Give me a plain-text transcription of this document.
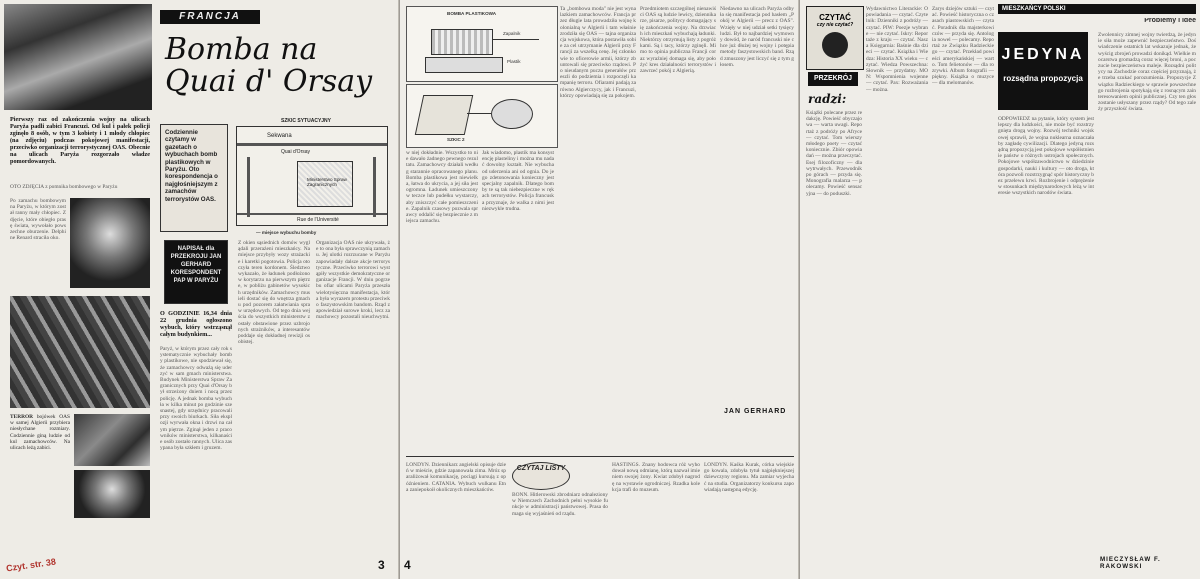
FRANCJA
Bomba na Quai d' Orsay
Pierwszy raz od zakończenia wojny na ulicach Paryża padli zabici Francuzi. Od kul i pałek policji zginęło 8 osób, w tym 3 kobiety i 1 młody chłopiec (na zdjęciu) podczas pokojowej manifestacji, przeciwko organizacji terrorystycznej OAS. Obecnie na ulicach Paryża rozgorzało władze pomordowanych.
OTO ZDJĘCIA z pomnika bombowego w Paryżu
Po zamachu bombowym na Paryżu, w którym został ranny mały chłopiec. Zdjęcie, które obiegło prasę świata, wywołało powszechne oburzenie. Delphine Renard straciła oko.
TERROR bojówek OAS w samej Algierii przybiera niesłychane rozmiary. Codziennie giną ludzie od kul zamachowców. Na ulicach leżą zabici.
Codziennie czytamy w gazetach o wybuchach bomb plastikowych w Paryżu. Oto korespondencja o najgłośniejszym z zamachów terrorystów OAS.
SZKIC SYTUACYJNY
Sekwana
Quai d'Orsay
Ministerstwo Spraw Zagranicznych
Rue de l'Université
— miejsce wybuchu bomby
NAPISAŁ dla PRZEKROJU JAN GERHARD KORESPONDENT PAP W PARYŻU
O GODZINIE 16,34 dnia 22 grudnia ogłoszono wybuch, który wstrząsnął całym budynkiem...
Paryż, w którym przez cały rok systematycznie wybuchały bomby plastikowe, nie spodziewał się, że zamachowcy odważą się uderzyć w sam gmach ministerstwa. Budynek Ministerstwa Spraw Zagranicznych przy Quai d'Orsay był strzeżony dniem i nocą przez policję. A jednak bomba wybuchła w kilka minut po godzinie szesnastej, gdy urzędnicy pracowali przy swoich biurkach. Siła eksplozji wyrwała okna i drzwi na całym piętrze. Zginął jeden z pracowników ministerstwa, kilkanaście osób zostało rannych. Ulica zasypana była szkłem i gruzem.
Z okien sąsiednich domów wyglądali przerażeni mieszkańcy. Na miejsce przybyły wozy strażackie i karetki pogotowia. Policja otoczyła teren kordonem. Śledztwo wykazało, że ładunek podłożono w korytarzu na pierwszym piętrze, w pobliżu gabinetów wysokich urzędników. Zamachowcy musieli dostać się do wnętrza gmachu pod pozorem załatwiania spraw urzędowych. Od tego dnia wejścia do wszystkich ministerstw zostały obstawione przez uzbrojonych strażników, a interesantów poddaje się dokładnej rewizji osobistej.
Organizacja OAS nie ukrywała, że to ona była sprawczynią zamachu. Jej ulotki rozrzucane w Paryżu zapowiadały dalsze akcje terrorystyczne. Przeciwko terrorowi wystąpiły wszystkie demokratyczne organizacje Francji. W dniu pogrzebu ofiar ulicami Paryża przeszła wielotysięczna manifestacja, która była wyrazem protestu przeciwko faszystowskim bandom. Rząd zapowiedział surowe kroki, lecz zamachowcy pozostali nieuchwytni.
3
Czyt. str. 38
BOMBA PLASTIKOWA
Zapalnik
Plastik
SZKIC 2
w niej dokładnie. Wszystko to nie dawało żadnego pewnego rezultatu. Zamachowcy działali według starannie opracowanego planu. Bomba plastikowa jest niewielka, łatwa do ukrycia, a jej siła jest ogromna. Ładunek umieszczony w teczce lub pudełku wystarczy, aby zniszczyć całe pomieszczenie. Zapalnik czasowy pozwala sprawcy oddalić się bezpiecznie z miejsca zamachu.
Jak wiadomo, plastik ma konsystencję plasteliny i można mu nadać dowolny kształt. Nie wybucha od uderzenia ani od ognia. Do jego zdetonowania konieczny jest specjalny zapalnik. Dlatego bomby te są tak niebezpieczne w rękach terrorystów. Policja francuska przyznaje, że walka z nimi jest niezwykle trudna.
Ta „bombowa moda" nie jest wynalazkiem zamachowców. Francja przez długie lata prowadziła wojnę kolonialną w Algierii i tam właśnie zrodziła się OAS — tajna organizacja wojskowa, która postawiła sobie za cel utrzymanie Algierii przy Francji za wszelką cenę. Jej członkowie to oficerowie armii, którzy zbuntowali się przeciwko rządowi. Po nieudanym puczu generałów przeszli do podziemia i rozpoczęli kampanię terroru. Ofiarami padają zarówno Algierczycy, jak i Francuzi, którzy opowiadają się za pokojem.
Przedmiotem szczególnej nienawiści OAS są ludzie lewicy, dziennikarze, pisarze, politycy domagający się zakończenia wojny. Na drzwiach ich mieszkań wybuchają ładunki. Niektórzy otrzymują listy z pogróżkami. Są i tacy, którzy zginęli. Mimo to opinia publiczna Francji coraz wyraźniej domaga się, aby położyć kres działalności terrorystów i zawrzeć pokój z Algierią.
Niedawno na ulicach Paryża odbyła się manifestacja pod hasłem „Pokój w Algierii — precz z OAS". Wzięły w niej udział setki tysięcy ludzi. Był to najbardziej wymowny dowód, że naród francuski nie chce już dłużej tej wojny i potępia metody faszystowskich band. Rząd zmuszony jest liczyć się z tym głosem.
JAN GERHARD
CZYTAJ LISTY
LONDYN. Dziennikarz angielski opisuje dzień w mieście, gdzie zapanowała zima. Mróz sparaliżował komunikację, pociągi kursują z opóźnieniem. CATANIA. Wybuch wulkanu Etna zaniepokoił okolicznych mieszkańców.
BONN. Hitlerowski zbrodniarz odnaleziony w Niemczech Zachodnich pełni wysokie funkcje w administracji państwowej. Prasa domaga się wyjaśnień od rządu.
HASTINGS. Znany hodowca róż wyhodował nową odmianę, którą nazwał imieniem swojej żony. Kwiat zdobył nagrodę na wystawie ogrodniczej. Rzadka kolekcja trafi do muzeum.
LONDYN. Kaśka Kurak, córka wiejskiego kowala, zdobyła tytuł najpiękniejszej dziewczyny regionu. Ma zamiar wyjechać na studia. Organizatorzy konkursu zapowiadają następną edycję.
4
CZYTAĆ
czy nie czytać?
PRZEKRÓJ
radzi:
Książki polecane przez redakcję. Powieść obyczajowa — warta uwagi. Reportaż z podróży po Afryce — czytać. Tom wierszy młodego poety — czytać koniecznie. Zbiór opowiadań — można przeczytać. Esej filozoficzny — dla wytrwałych. Przewodnik po górach — przyda się. Monografia malarza — polecamy. Powieść sensacyjna — do poduszki.
Wydawnictwo Literackie: Opowiadania — czytać. Czytelnik: Dzienniki z podróży — czytać. PIW: Poezje wybrane — nie czytać. Iskry: Reportaże z kraju — czytać. Nasza Księgarnia: Baśnie dla dzieci — czytać. Książka i Wiedza: Historia XX wieku — czytać. Wiedza Powszechna: Słownik — przydatny. MON: Wspomnienia wojenne — czytać. Pax: Rozważania — można.
Zarys dziejów sztuki — czytać. Powieść historyczna o czasach piastowskich — czytać. Poradnik dla majsterkowiczów — przyda się. Antologia nowel — polecamy. Reportaż ze Związku Radzieckiego — czytać. Przekład powieści amerykańskiej — warto. Tom felietonów — dla rozrywki. Album fotografii — piękny. Książka o muzyce — dla melomanów.
MIESZKAŃCY POLSKI
Problemy i idee
JEDYNA
rozsądna propozycja
ODPOWIEDŹ na pytanie, który system jest lepszy dla ludzkości, nie może być rozstrzygnięta drogą wojny. Rozwój techniki wojskowej sprawił, że wojna nuklearna oznaczałaby zagładę cywilizacji. Dlatego jedyną rozsądną propozycją jest pokojowe współistnienie państw o różnych ustrojach społecznych. Pokojowe współzawodnictwo w dziedzinie gospodarki, nauki i kultury — oto droga, która pozwoli rozstrzygnąć spór historyczny bez przelewu krwi. Rozbrojenie i odprężenie w stosunkach międzynarodowych leżą w interesie wszystkich narodów świata.
Zwolennicy zimnej wojny twierdzą, że jedynie siła może zapewnić bezpieczeństwo. Doświadczenie ostatnich lat wskazuje jednak, że wyścig zbrojeń prowadzi donikąd. Wielkie mocarstwa gromadzą coraz więcej broni, a poczucie bezpieczeństwa maleje. Rozsądni politycy na Zachodzie coraz częściej przyznają, że trzeba szukać porozumienia. Propozycje Związku Radzieckiego w sprawie powszechnego rozbrojenia spotykają się z rosnącym zainteresowaniem opinii publicznej. Czy ten głos zostanie usłyszany przez rządy? Od tego zależy przyszłość świata.
MIECZYSŁAW F. RAKOWSKI
